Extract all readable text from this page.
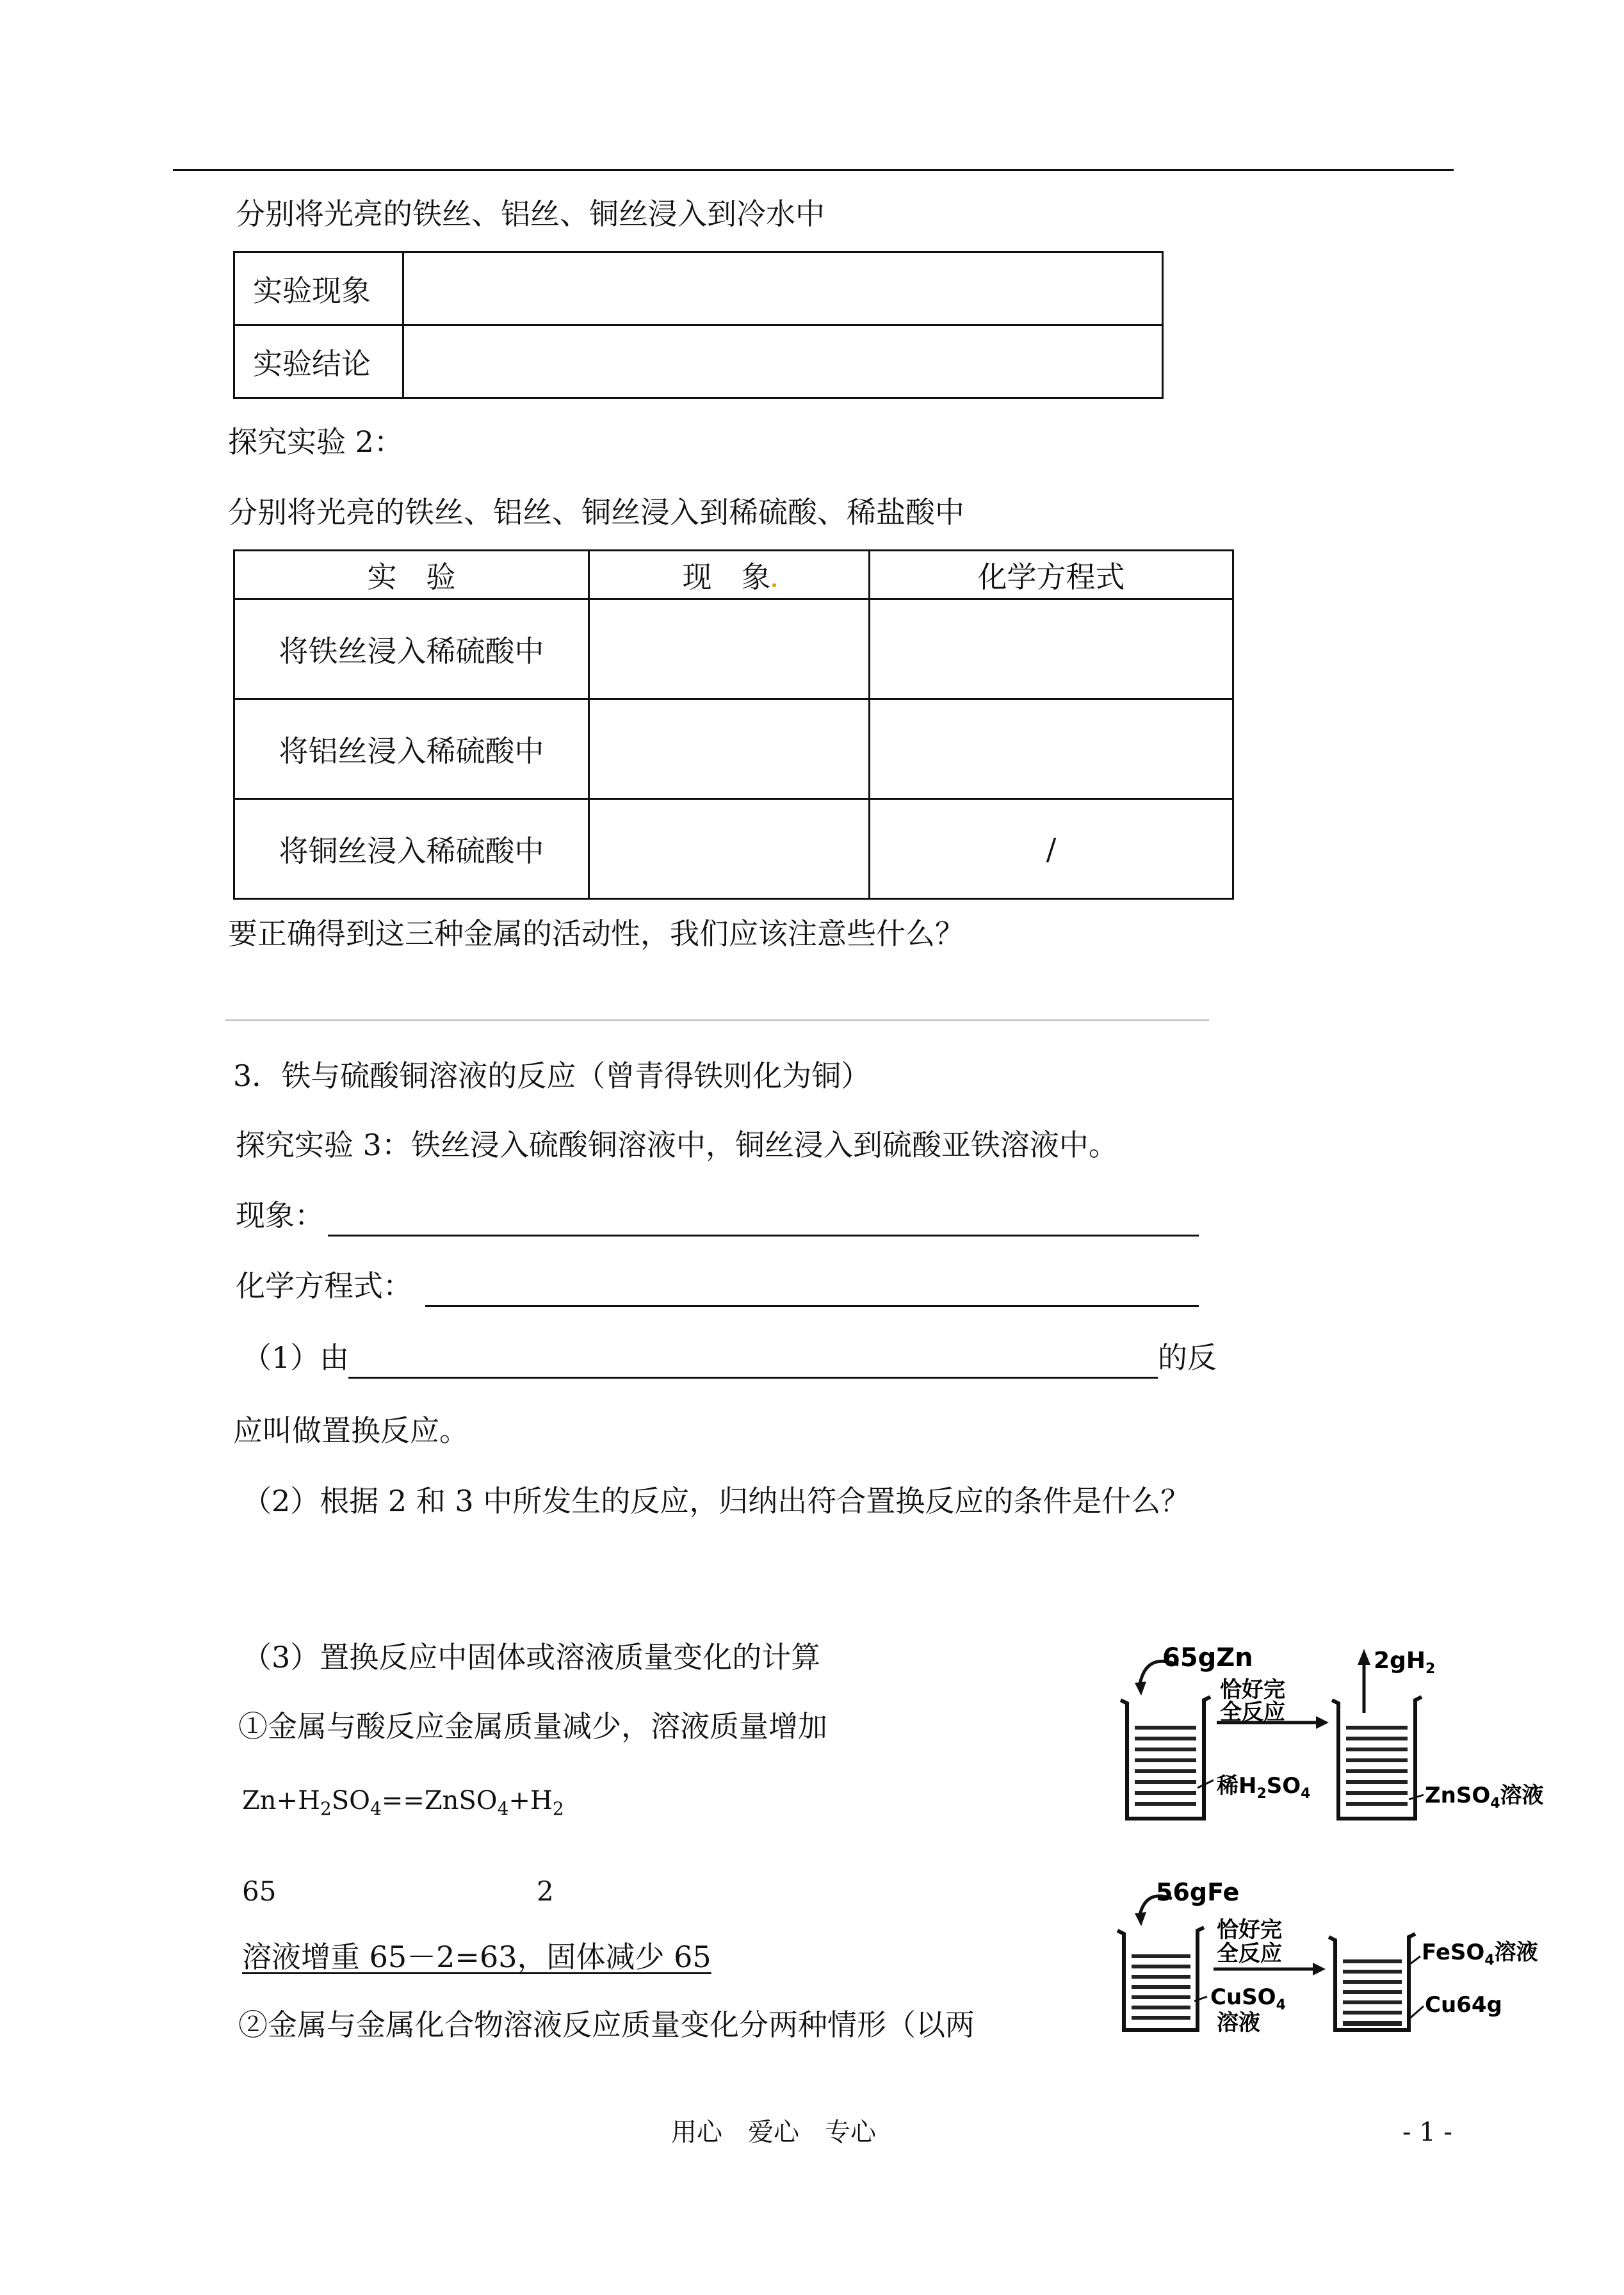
分别将光亮的铁丝、铝丝、铜丝浸入到冷水中
实验现象	
实验结论	
探究实验 2：
分别将光亮的铁丝、铝丝、铜丝浸入到稀硫酸、稀盐酸中
实　验	现　象	化学方程式
将铁丝浸入稀硫酸中		
将铝丝浸入稀硫酸中		
将铜丝浸入稀硫酸中		/
要正确得到这三种金属的活动性，我们应该注意些什么？
3．铁与硫酸铜溶液的反应（曾青得铁则化为铜）
探究实验 3：铁丝浸入硫酸铜溶液中，铜丝浸入到硫酸亚铁溶液中。
现象：
化学方程式：
（1）由	的反
应叫做置换反应。
（2）根据 2 和 3 中所发生的反应，归纳出符合置换反应的条件是什么？
（3）置换反应中固体或溶液质量变化的计算
①金属与酸反应金属质量减少，溶液质量增加
$Zn+H_2SO_4==ZnSO_4+H_2$
65	2
溶液增重 65－2=63，固体减少 65
②金属与金属化合物溶液反应质量变化分两种情形（以两
65gZn
恰好完
全反应
稀$H_2SO_4$
$2gH_2$
ZnSO$_4$溶液
56gFe
恰好完
全反应
CuSO$_4$
溶液
FeSO$_4$溶液
Cu64g
用心　爱心　专心	- 1 -
